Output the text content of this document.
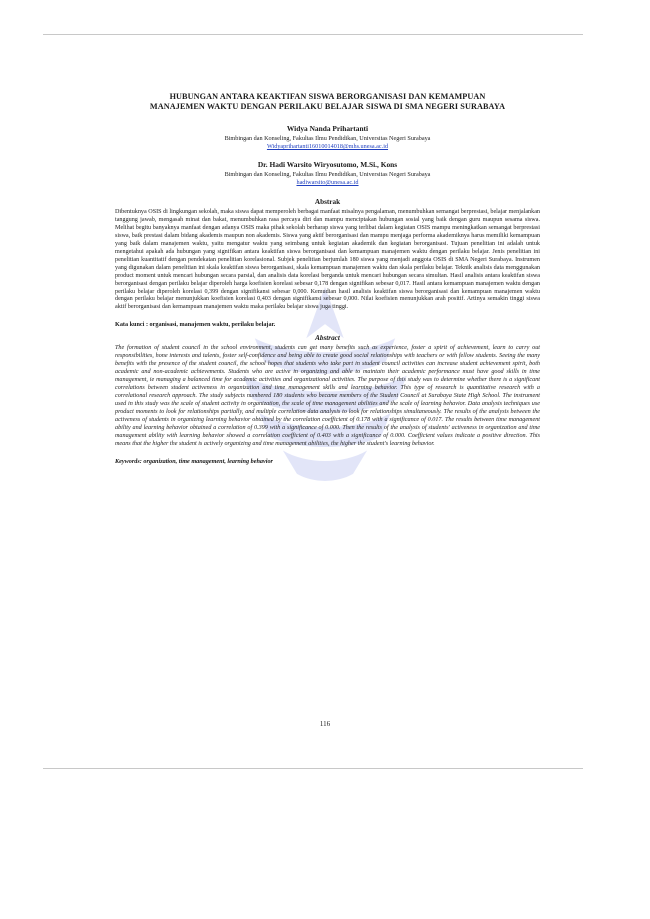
HUBUNGAN ANTARA KEAKTIFAN SISWA BERORGANISASI DAN KEMAMPUAN

MANAJEMEN WAKTU DENGAN PERILAKU BELAJAR SISWA DI SMA NEGERI SURABAYA

Widya Nanda Prihartanti

Bimbingan dan Konseling, Fakultas Ilmu Pendidikan, Universitas Negeri Surabaya

Widyaprihartanti16010014018@mhs.unesa.ac.id

Dr. Hadi Warsito Wiryosutomo, M.Si., Kons

Bimbingan dan Konseling, Fakultas Ilmu Pendidikan, Universitas Negeri Surabaya

hadiwarsito@unesa.ac.id

Abstrak

Dibentuknya OSIS di lingkungan sekolah, maka siswa dapat memperoleh berbagai manfaat misalnya pengalaman, menumbuhkan semangat berprestasi, belajar menjalankan tanggung jawab, mengasah minat dan bakat, menumbuhkan rasa percaya diri dan mampu menciptakan hubungan sosial yang baik dengan guru maupun sesama siswa. Melihat begitu banyaknya manfaat dengan adanya OSIS maka pihak sekolah berharap siswa yang terlibat dalam kegiatan OSIS mampu meningkatkan semangat berprestasi siswa, baik prestasi dalam bidang akademis maupun non akademis. Siswa yang aktif berorganisasi dan mampu menjaga performa akademiknya harus memiliki kemampuan yang baik dalam manajemen waktu, yaitu mengatur waktu yang seimbang untuk kegiatan akademik dan kegiatan berorganisasi. Tujuan penelitian ini adalah untuk mengetahui apakah ada hubungan yang signifikan antara keaktifan siswa berorganisasi dan kemampuan manajemen waktu dengan perilaku belajar. Jenis penelitian ini penelitian kuantitatif dengan pendekatan penelitian korelasional. Subjek penelitian berjumlah 180 siswa yang menjadi anggota OSIS di SMA Negeri Surabaya. Instrumen yang digunakan dalam penelitian ini skala keaktifan siswa berorganisasi, skala kemampuan manajemen waktu dan skala perilaku belajar. Teknik analisis data menggunakan product moment untuk mencari hubungan secara parsial, dan analisis data korelasi berganda untuk mencari hubungan secara simultan. Hasil analisis antara keaktifan siswa berorganisasi dengan perilaku belajar diperoleh harga koefisien korelasi sebesar 0,178 dengan signifikan sebesar 0,017. Hasil antara kemampuan manajemen waktu dengan perilaku belajar diperoleh korelasi 0,399 dengan signifikansi sebesar 0,000. Kemudian hasil analisis keaktifan siswa berorganisasi dan kemampuan manajemen waktu dengan perilaku belajar menunjukkan koefisien korelasi 0,403 dengan signifikansi sebesar 0,000. Nilai koefisien menunjukkan arah positif. Artinya semakin tinggi siswa aktif berorganisasi dan kemampuan manajemen waktu maka perilaku belajar siswa juga tinggi.

Kata kunci : organisasi, manajemen waktu, perilaku belajar.

Abstract

The formation of student council in the school environment, students can get many benefits such as experience, foster a spirit of achievement, learn to carry out responsibilities, hone interests and talents, foster self-confidence and being able to create good social relationships with teachers or with fellow students. Seeing the many benefits with the presence of the student council, the school hopes that students who take part in student council activities can increase student achievement spirit, both academic and non-academic achievements. Students who are active in organizing and able to maintain their academic performance must have good skills in time management, ie managing a balanced time for academic activities and organizational activities. The purpose of this study was to determine whether there is a significant correlations between student activeness in organization and time management skills and learning behavior. This type of research is quantitative research with a correlational research approach. The study subjects numbered 180 students who became members of the Student Council at Surabaya State High School. The instrument used in this study was the scale of student activity in organization, the scale of time management abilities and the scale of learning behavior. Data analysis techniques use product moments to look for relationships partially, and multiple correlation data analysis to look for relationships simultaneously. The results of the analysis between the activeness of students in organizing learning behavior obtained by the correlation coefficient of 0.178 with a significance of 0.017. The results between time management ability and learning behavior obtained a correlation of 0.399 with a significance of 0.000. Then the results of the analysis of students' activeness in organization and time management ability with learning behavior showed a correlation coefficient of 0.403 with a significance of 0.000. Coefficient values indicate a positive direction. This means that the higher the student is actively organizing and time management abilities, the higher the student's learning behavior.

Keywords: organization, time management, learning behavior

116
